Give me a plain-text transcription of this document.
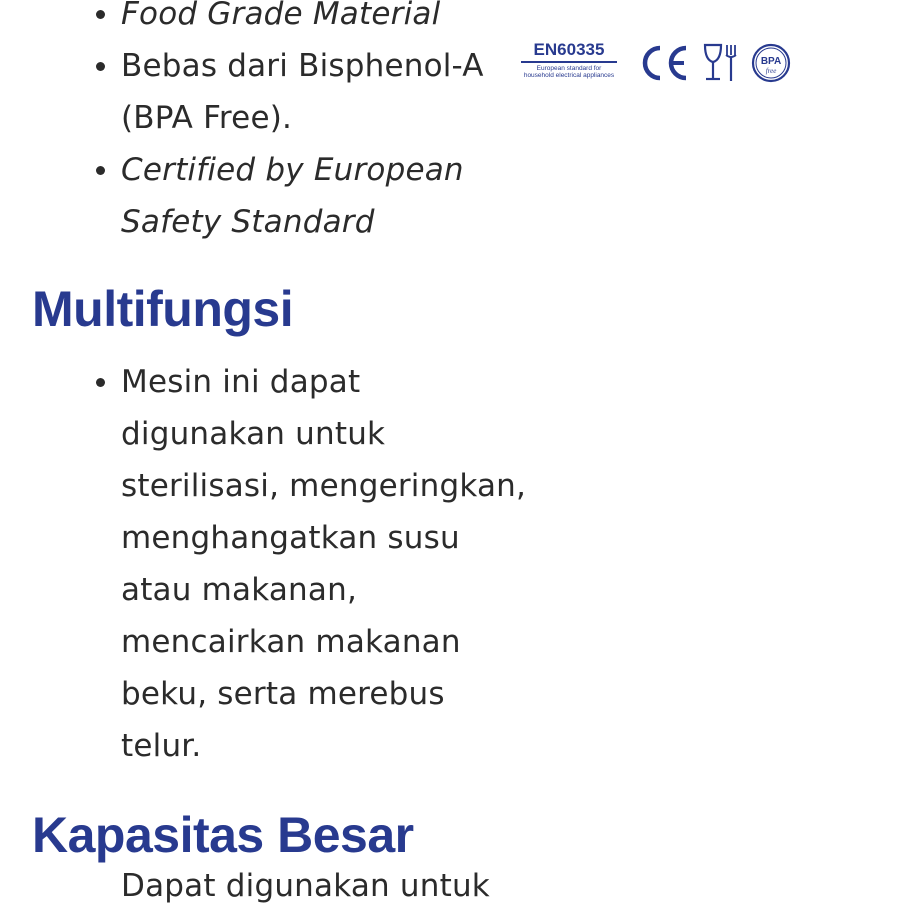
Food Grade Material
Bebas dari Bisphenol-A
(BPA Free).
Certified by European
Safety Standard
EN60335
European standard for
household electrical appliances
BPA
free
Multifungsi
Mesin ini dapat
digunakan untuk
sterilisasi, mengeringkan,
menghangatkan susu
atau makanan,
mencairkan makanan
beku, serta merebus
telur.
Kapasitas Besar
Dapat digunakan untuk
